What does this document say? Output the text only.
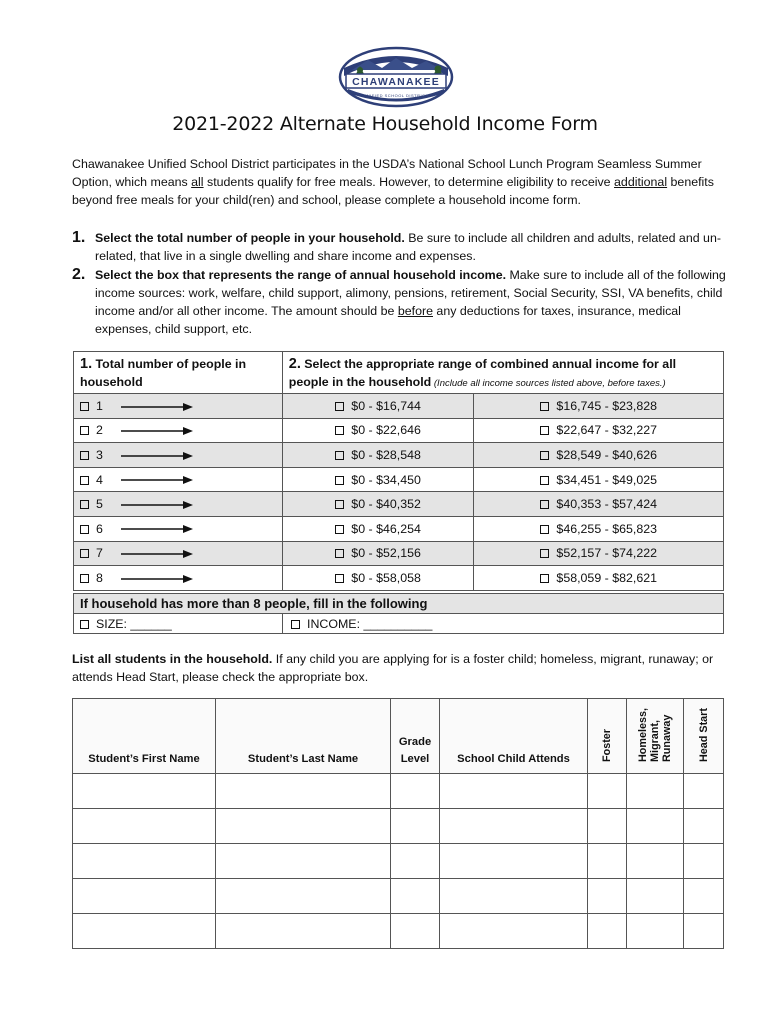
CHAWANAKEE
UNIFIED SCHOOL DISTRICT
2021-2022 Alternate Household Income Form
Chawanakee Unified School District participates in the USDA’s National School Lunch Program Seamless Summer Option, which means all students qualify for free meals. However, to determine eligibility to receive additional benefits beyond free meals for your child(ren) and school, please complete a household income form.
1. Select the total number of people in your household. Be sure to include all children and adults, related and un-related, that live in a single dwelling and share income and expenses.
2. Select the box that represents the range of annual household income. Make sure to include all of the following income sources: work, welfare, child support, alimony, pensions, retirement, Social Security, SSI, VA benefits, child income and/or all other income. The amount should be before any deductions for taxes, insurance, medical expenses, child support, etc.
1. Total number of people in household	2. Select the appropriate range of combined annual income for all people in the household (Include all income sources listed above, before taxes.)	
1	$0 - $16,744	$16,745 - $23,828
2	$0 - $22,646	$22,647 - $32,227
3	$0 - $28,548	$28,549 - $40,626
4	$0 - $34,450	$34,451 - $49,025
5	$0 - $40,352	$40,353 - $57,424
6	$0 - $46,254	$46,255 - $65,823
7	$0 - $52,156	$52,157 - $74,222
8	$0 - $58,058	$58,059 - $82,621
If household has more than 8 people, fill in the following
SIZE: ______	INCOME: __________
List all students in the household. If any child you are applying for is a foster child; homeless, migrant, runaway; or attends Head Start, please check the appropriate box.
Student’s First Name	Student’s Last Name	Grade
Level	School Child Attends	Foster	Homeless,
Migrant,
Runaway	Head Start
